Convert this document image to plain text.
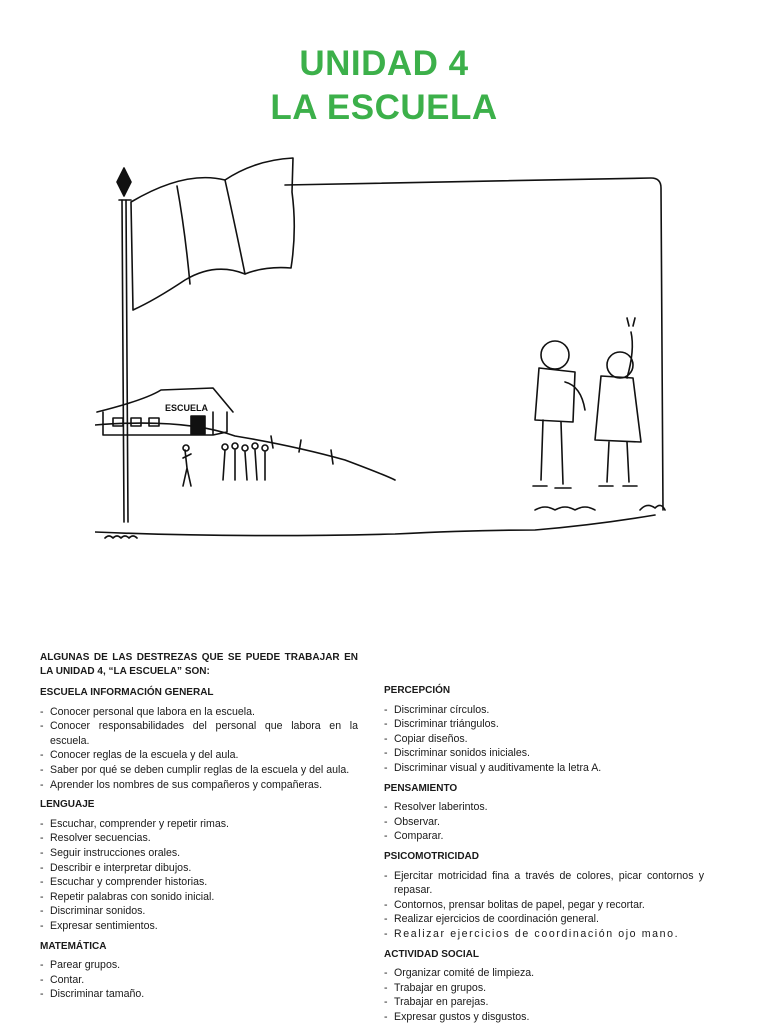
UNIDAD 4
LA ESCUELA
ESCUELA
ALGUNAS DE LAS DESTREZAS QUE SE PUEDE TRABAJAR EN LA UNIDAD 4, “LA ESCUELA” SON:
ESCUELA INFORMACIÓN GENERAL
- Conocer personal que labora en la escuela.
- Conocer responsabilidades del personal que labora en la escuela.
- Conocer reglas de la escuela y del aula.
- Saber por qué se deben cumplir reglas de la escuela y del aula.
- Aprender los nombres de sus compañeros y compañeras.
LENGUAJE
- Escuchar, comprender y repetir rimas.
- Resolver secuencias.
- Seguir instrucciones orales.
- Describir e interpretar dibujos.
- Escuchar y comprender historias.
- Repetir palabras con sonido inicial.
- Discriminar sonidos.
- Expresar sentimientos.
MATEMÁTICA
- Parear grupos.
- Contar.
- Discriminar tamaño.
PERCEPCIÓN
- Discriminar círculos.
- Discriminar triángulos.
- Copiar diseños.
- Discriminar sonidos iniciales.
- Discriminar visual y auditivamente la letra A.
PENSAMIENTO
- Resolver laberintos.
- Observar.
- Comparar.
PSICOMOTRICIDAD
- Ejercitar motricidad fina a través de colores, picar contornos y repasar.
- Contornos, prensar bolitas de papel, pegar y recortar.
- Realizar ejercicios de coordinación general.
- Realizar ejercicios de coordinación ojo mano.
ACTIVIDAD SOCIAL
- Organizar comité de limpieza.
- Trabajar en grupos.
- Trabajar en parejas.
- Expresar gustos y disgustos.
